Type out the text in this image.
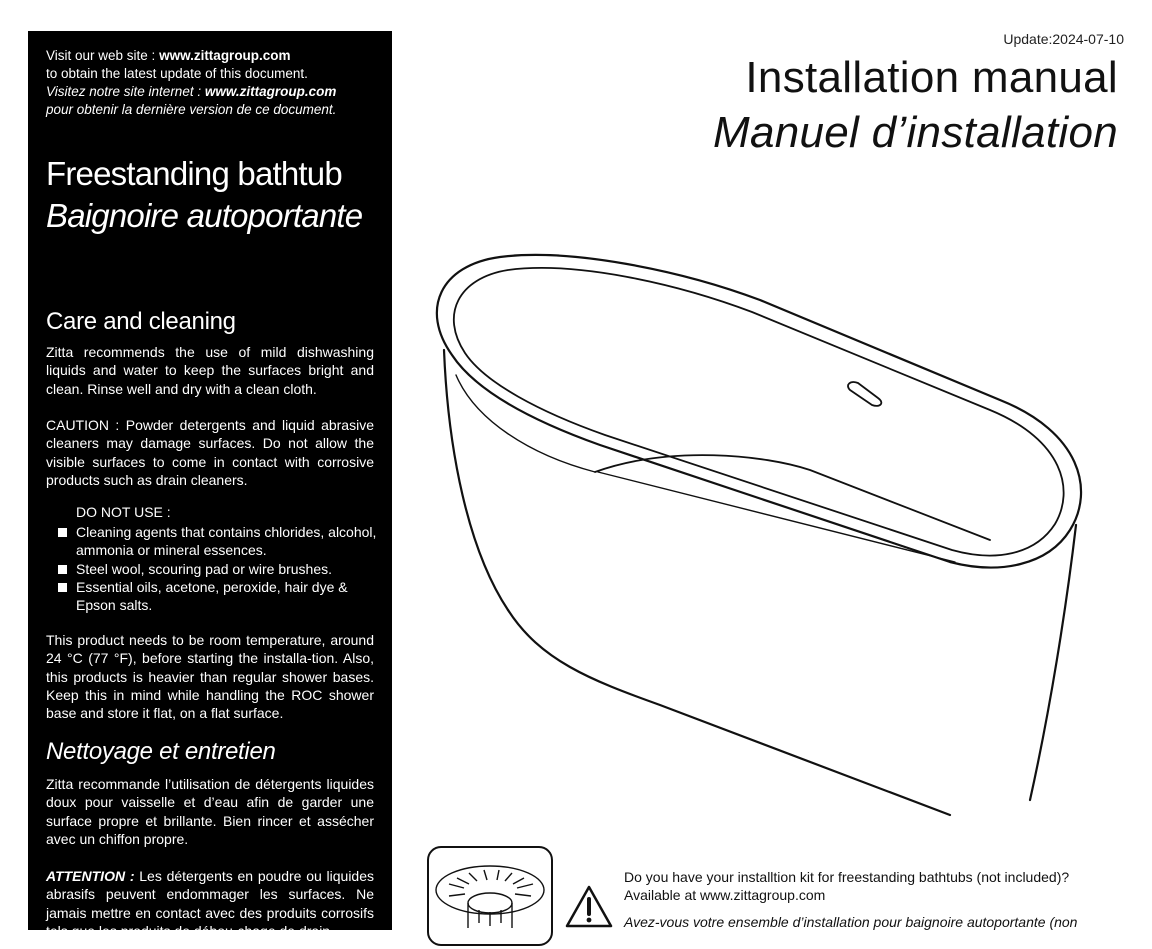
Visit our web site : www.zittagroup.com
to obtain the latest update of this document.
Visitez notre site internet : www.zittagroup.com
pour obtenir la dernière version de ce document.
Freestanding bathtub
Baignoire autoportante
Care and cleaning

Zitta recommends the use of mild dishwashing liquids and water to keep the surfaces bright and clean. Rinse well and dry with a clean cloth.

CAUTION : Powder detergents and liquid abrasive cleaners may damage surfaces. Do not allow the visible surfaces to come in contact with corrosive products such as drain cleaners.

DO NOT USE :
Cleaning agents that contains chlorides, alcohol, ammonia or mineral essences.
Steel wool, scouring pad or wire brushes.
Essential oils, acetone, peroxide, hair dye & Epson salts.

This product needs to be room temperature, around 24 °C (77 °F), before starting the installa-tion. Also, this products is heavier than regular shower bases. Keep this in mind while handling the ROC shower base and store it flat, on a flat surface.

Nettoyage et entretien

Zitta recommande l’utilisation de détergents liquides doux pour vaisselle et d’eau afin de garder une surface propre et brillante. Bien rincer et assécher avec un chiffon propre.

ATTENTION : Les détergents en poudre ou liquides abrasifs peuvent endommager les surfaces. Ne jamais mettre en contact avec des produits corrosifs tels que les produits de débou-chage de drain.

Update:2024-07-10
Installation manual
Manuel d’installation
Do you have your installtion kit for freestanding bathtubs (not included)?
Available at www.zittagroup.com
Avez-vous votre ensemble d’installation pour baignoire autoportante (non
